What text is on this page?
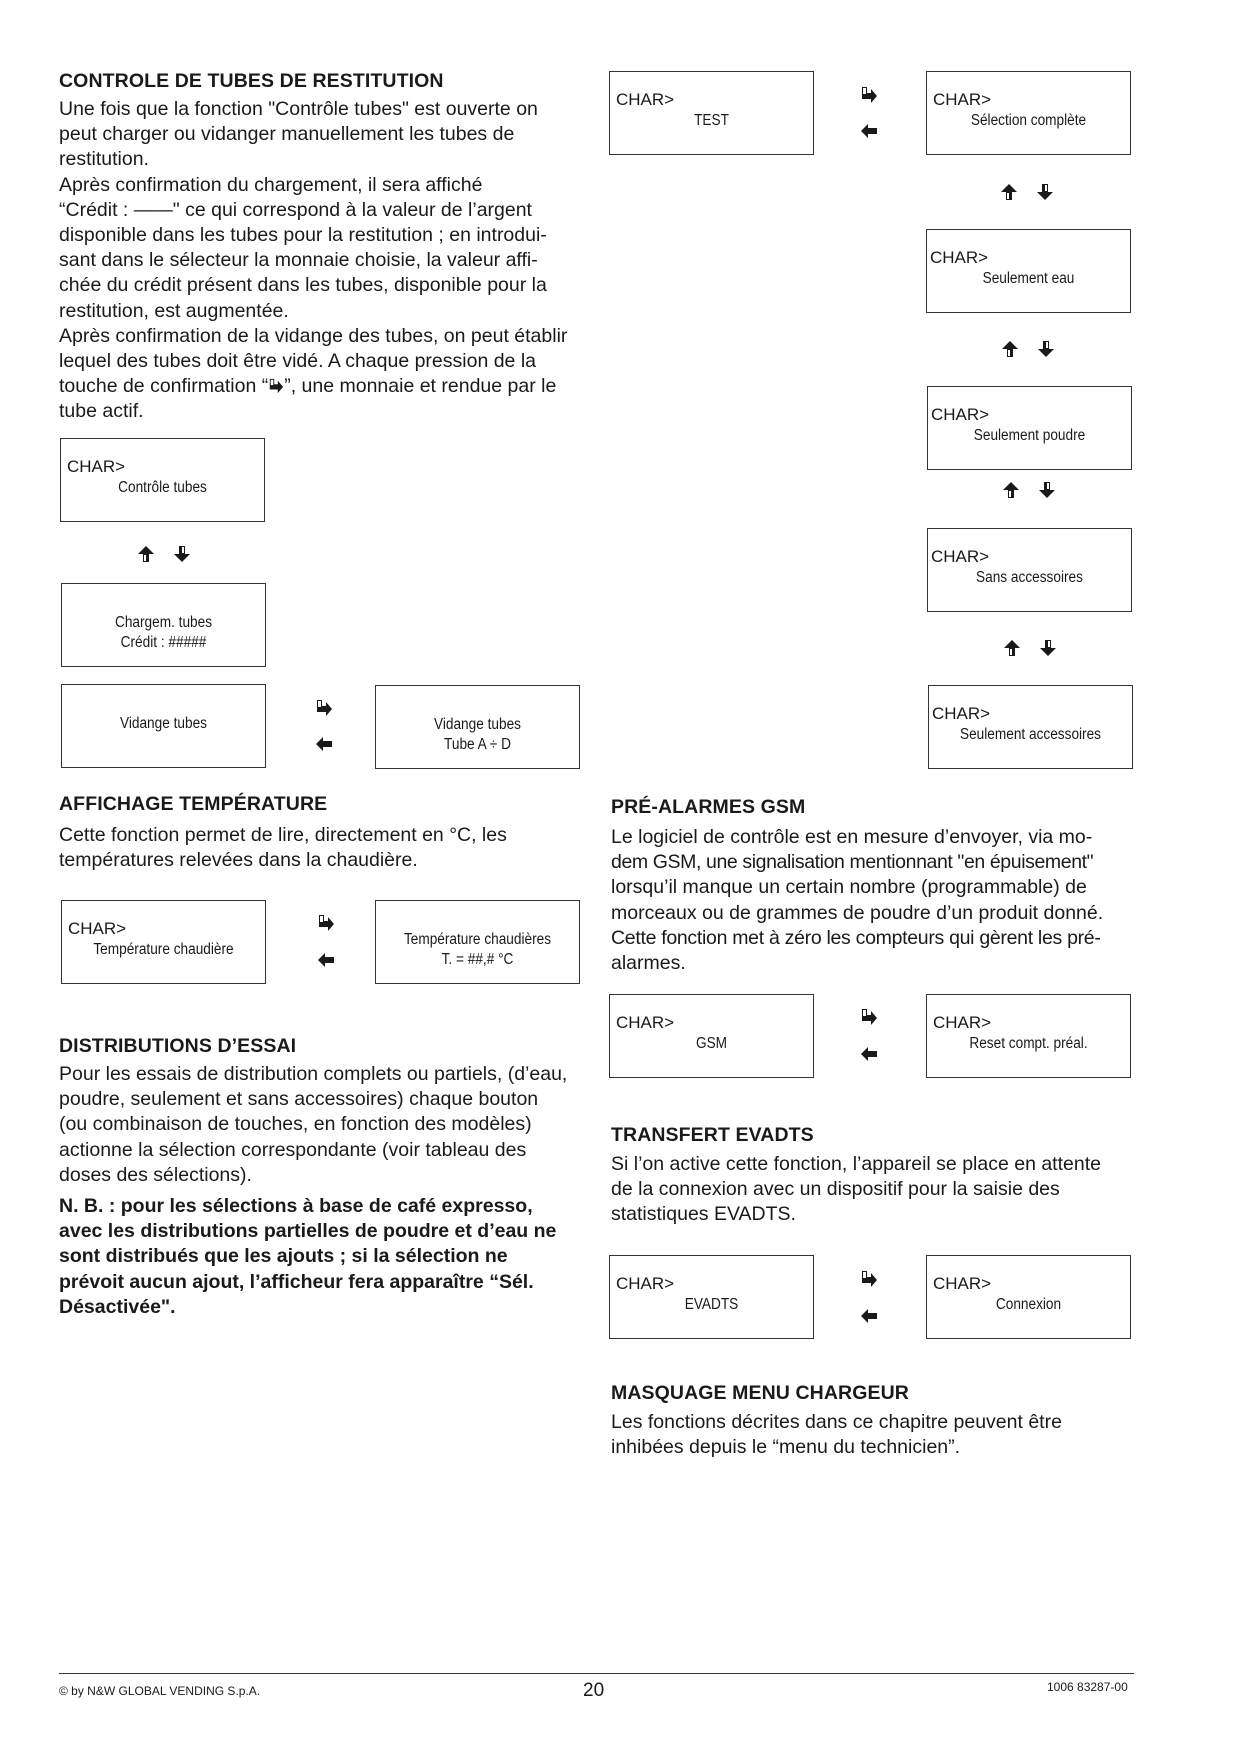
CONTROLE DE TUBES DE RESTITUTION
Une fois que la fonction "Contrôle tubes" est ouverte on
peut charger ou vidanger manuellement les tubes de
restitution.
Après confirmation du chargement, il sera affiché
“Crédit : ——" ce qui correspond à la valeur de l’argent
disponible dans les tubes pour la restitution ; en introdui-
sant dans le sélecteur la monnaie choisie, la valeur affi-
chée du crédit présent dans les tubes, disponible pour la
restitution, est augmentée.
Après confirmation de la vidange des tubes, on peut établir
lequel des tubes doit être vidé. A chaque pression de la
touche de confirmation “ ”, une monnaie et rendue par le
tube actif.
CHAR>
Contrôle tubes
Chargem. tubes
Crédit : #####
Vidange tubes	Vidange tubes
Tube A ÷ D
AFFICHAGE TEMPÉRATURE
Cette fonction permet de lire, directement en °C, les
températures relevées dans la chaudière.
CHAR>
Température chaudière
Température chaudières
T. = ##,# °C
DISTRIBUTIONS D’ESSAI
Pour les essais de distribution complets ou partiels, (d’eau,
poudre, seulement et sans accessoires) chaque bouton
(ou combinaison de touches, en fonction des modèles)
actionne la sélection correspondante (voir tableau des
doses des sélections).
N. B. : pour les sélections à base de café expresso,
avec les distributions partielles de poudre et d’eau ne
sont distribués que les ajouts ; si la sélection ne
prévoit aucun ajout, l’afficheur fera apparaître “Sél.
Désactivée".
CHAR>
TEST
CHAR>
Sélection complète
CHAR>
Seulement eau
CHAR>
Seulement poudre
CHAR>
Sans accessoires
CHAR>
Seulement accessoires
PRÉ-ALARMES GSM
Le logiciel de contrôle est en mesure d’envoyer, via mo-
dem GSM, une signalisation mentionnant "en épuisement"
lorsqu’il manque un certain nombre (programmable) de
morceaux ou de grammes de poudre d’un produit donné.
Cette fonction met à zéro les compteurs qui gèrent les pré-
alarmes.
CHAR>
GSM
CHAR>
Reset compt. préal.
TRANSFERT EVADTS
Si l’on active cette fonction, l’appareil se place en attente
de la connexion avec un dispositif pour la saisie des
statistiques EVADTS.
CHAR>
EVADTS
CHAR>
Connexion
MASQUAGE MENU CHARGEUR
Les fonctions décrites dans ce chapitre peuvent être
inhibées depuis le “menu du technicien”.
© by N&W GLOBAL VENDING S.p.A.	20	1006 83287-00
